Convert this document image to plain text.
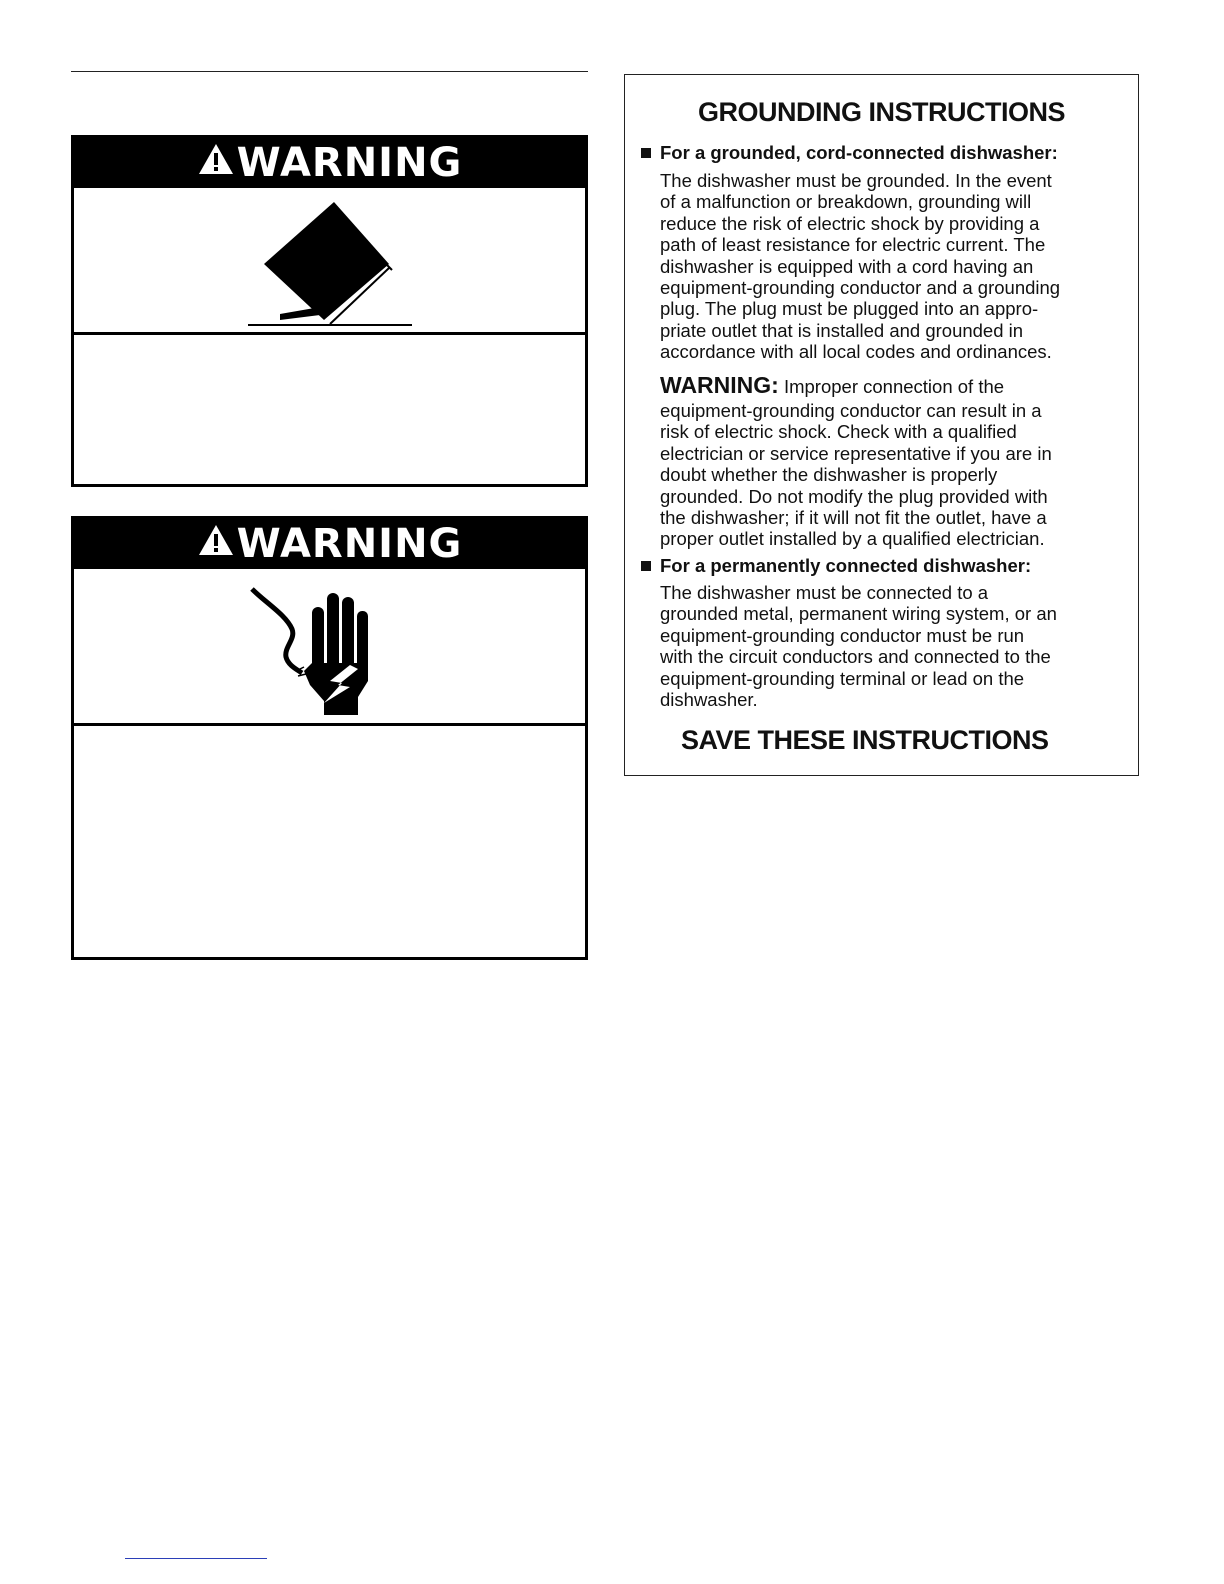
WARNING
WARNING
GROUNDING INSTRUCTIONS
For a grounded, cord-connected dishwasher:
The dishwasher must be grounded. In the event
of a malfunction or breakdown, grounding will
reduce the risk of electric shock by providing a
path of least resistance for electric current. The
dishwasher is equipped with a cord having an
equipment-grounding conductor and a grounding
plug. The plug must be plugged into an appro-
priate outlet that is installed and grounded in
accordance with all local codes and ordinances.
WARNING: Improper connection of the
equipment-grounding conductor can result in a
risk of electric shock. Check with a qualified
electrician or service representative if you are in
doubt whether the dishwasher is properly
grounded. Do not modify the plug provided with
the dishwasher; if it will not fit the outlet, have a
proper outlet installed by a qualified electrician.
For a permanently connected dishwasher:
The dishwasher must be connected to a
grounded metal, permanent wiring system, or an
equipment-grounding conductor must be run
with the circuit conductors and connected to the
equipment-grounding terminal or lead on the
dishwasher.
SAVE THESE INSTRUCTIONS
